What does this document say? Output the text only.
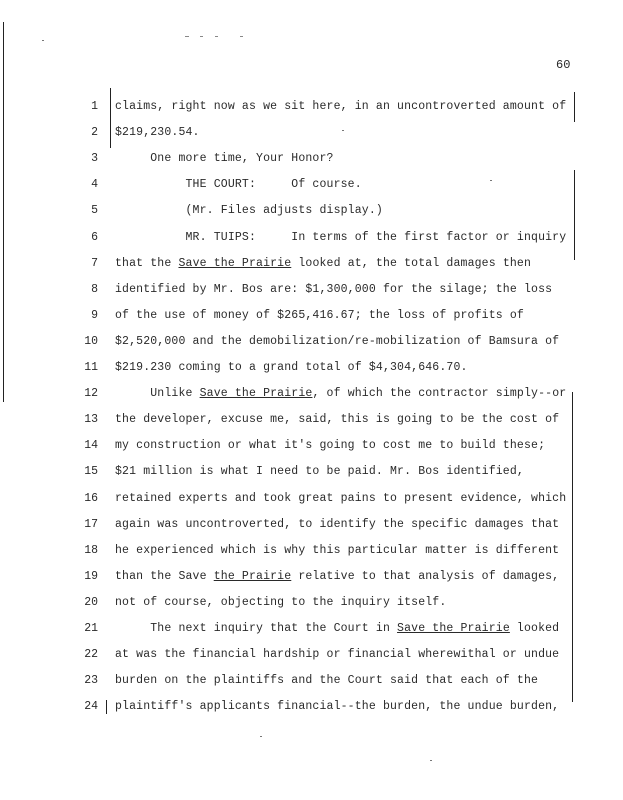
60
1 claims, right now as we sit here, in an uncontroverted amount of
2 $219,230.54.
3 One more time, Your Honor?
4 THE COURT:     Of course.
5 (Mr. Files adjusts display.)
6 MR. TUIPS:     In terms of the first factor or inquiry
7 that the Save the Prairie looked at, the total damages then
8 identified by Mr. Bos are: $1,300,000 for the silage; the loss
9 of the use of money of $265,416.67; the loss of profits of
10 $2,520,000 and the demobilization/re-mobilization of Bamsura of
11 $219.230 coming to a grand total of $4,304,646.70.
12 Unlike Save the Prairie, of which the contractor simply--or
13 the developer, excuse me, said, this is going to be the cost of
14 my construction or what it's going to cost me to build these;
15 $21 million is what I need to be paid. Mr. Bos identified,
16 retained experts and took great pains to present evidence, which
17 again was uncontroverted, to identify the specific damages that
18 he experienced which is why this particular matter is different
19 than the Save the Prairie relative to that analysis of damages,
20 not of course, objecting to the inquiry itself.
21 The next inquiry that the Court in Save the Prairie looked
22 at was the financial hardship or financial wherewithal or undue
23 burden on the plaintiffs and the Court said that each of the
24 plaintiff's applicants financial--the burden, the undue burden,
